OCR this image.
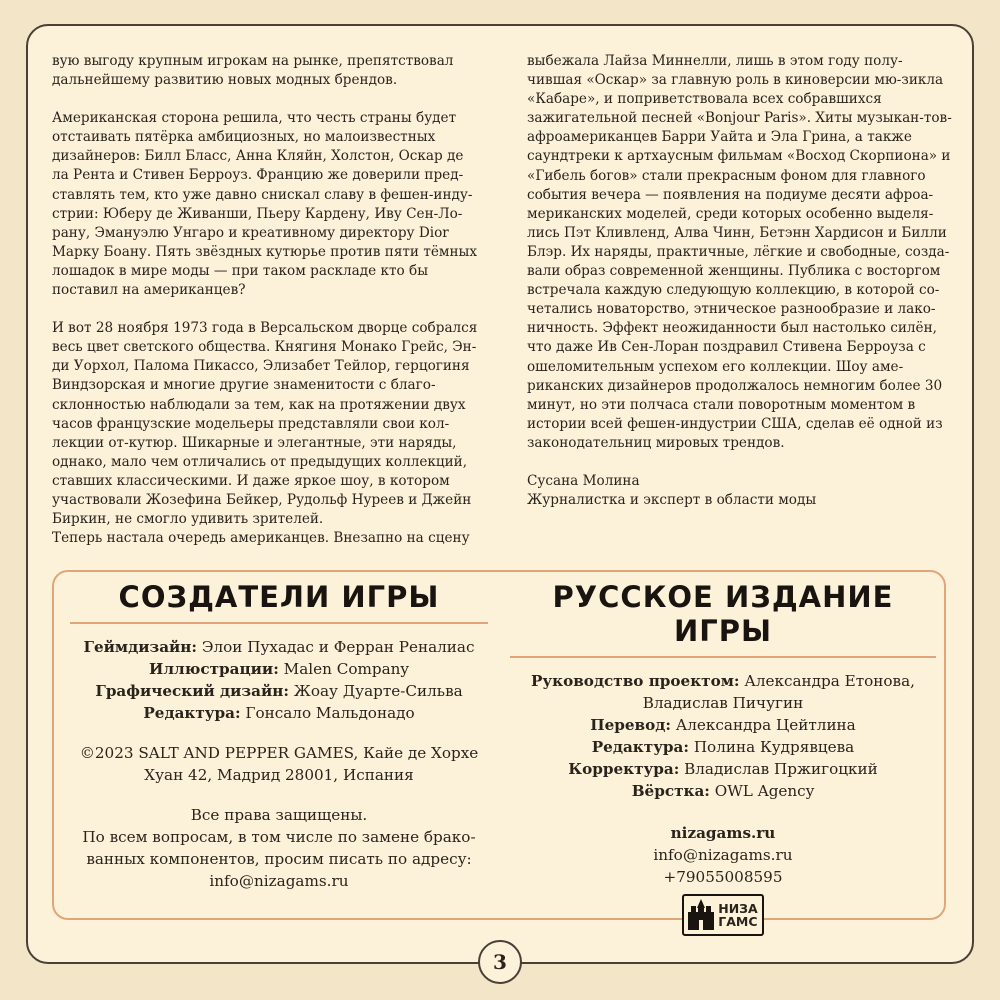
вую выгоду крупным игрокам на рынке, препятствовал дальнейшему развитию новых модных брендов.

Американская сторона решила, что честь страны будет отстаивать пятёрка амбициозных, но малоизвестных дизайнеров: Билл Бласс, Анна Кляйн, Холстон, Оскар де ла Рента и Стивен Берроуз. Францию же доверили пред-ставлять тем, кто уже давно снискал славу в фешен-инду-стрии: Юберу де Живанши, Пьеру Кардену, Иву Сен-Ло-рану, Эмануэлю Унгаро и креативному директору Dior Марку Боану. Пять звёздных кутюрье против пяти тёмных лошадок в мире моды — при таком раскладе кто бы поставил на американцев?

И вот 28 ноября 1973 года в Версальском дворце собрался весь цвет светского общества. Княгиня Монако Грейс, Эн-ди Уорхол, Палома Пикассо, Элизабет Тейлор, герцогиня Виндзорская и многие другие знаменитости с благо-склонностью наблюдали за тем, как на протяжении двух часов французские модельеры представляли свои кол-лекции от-кутюр. Шикарные и элегантные, эти наряды, однако, мало чем отличались от предыдущих коллекций, ставших классическими. И даже яркое шоу, в котором участвовали Жозефина Бейкер, Рудольф Нуреев и Джейн Биркин, не смогло удивить зрителей.

Теперь настала очередь американцев. Внезапно на сцену

выбежала Лайза Миннелли, лишь в этом году полу-чившая «Оскар» за главную роль в киноверсии мю-зикла «Кабаре», и поприветствовала всех собравшихся зажигательной песней «Bonjour Paris». Хиты музыкан-тов-афроамериканцев Барри Уайта и Эла Грина, а также саундтреки к артхаусным фильмам «Восход Скорпиона» и «Гибель богов» стали прекрасным фоном для главного события вечера — появления на подиуме десяти афроа-мериканских моделей, среди которых особенно выделя-лись Пэт Кливленд, Алва Чинн, Бетэнн Хардисон и Билли Блэр. Их наряды, практичные, лёгкие и свободные, созда-вали образ современной женщины. Публика с восторгом встречала каждую следующую коллекцию, в которой со-четались новаторство, этническое разнообразие и лако-ничность. Эффект неожиданности был настолько силён, что даже Ив Сен-Лоран поздравил Стивена Берроуза с ошеломительным успехом его коллекции. Шоу аме-риканских дизайнеров продолжалось немногим более 30 минут, но эти полчаса стали поворотным моментом в истории всей фешен-индустрии США, сделав её одной из законодательниц мировых трендов.

Сусана Молина

Журналистка и эксперт в области моды

СОЗДАТЕЛИ ИГРЫ
Геймдизайн: Элои Пухадас и Ферран Реналиас
Иллюстрации: Malen Company
Графический дизайн: Жоау Дуарте-Сильва
Редактура: Гонсало Мальдонадо
©2023 SALT AND PEPPER GAMES, Кайе де Хорхе
Хуан 42, Мадрид 28001, Испания
Все права защищены.
По всем вопросам, в том числе по замене брако-
ванных компонентов, просим писать по адресу:
info@nizagams.ru
РУССКОЕ ИЗДАНИЕ ИГРЫ
Руководство проектом: Александра Етонова,
Владислав Пичугин
Перевод: Александра Цейтлина
Редактура: Полина Кудрявцева
Корректура: Владислав Пржигоцкий
Вёрстка: OWL Agency
nizagams.ru
info@nizagams.ru
+79055008595
НИЗА
ГАМС
3
